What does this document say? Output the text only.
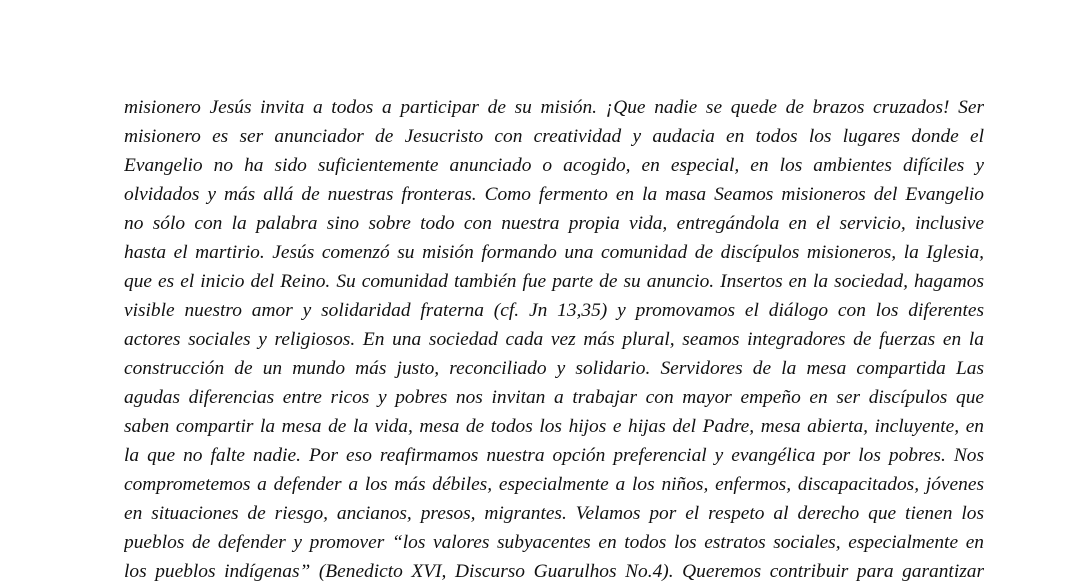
misionero Jesús invita a todos a participar de su misión. ¡Que nadie se quede de brazos cruzados! Ser
misionero es ser anunciador de Jesucristo con creatividad y audacia en todos los lugares donde el
Evangelio no ha sido suficientemente anunciado o acogido, en especial, en los ambientes difíciles y
olvidados y más allá de nuestras fronteras. Como fermento en la masa Seamos misioneros del Evangelio
no sólo con la palabra sino sobre todo con nuestra propia vida, entregándola en el servicio, inclusive
hasta el martirio. Jesús comenzó su misión formando una comunidad de discípulos misioneros, la Iglesia,
que es el inicio del Reino. Su comunidad también fue parte de su anuncio. Insertos en la sociedad, hagamos
visible nuestro amor y solidaridad fraterna (cf. Jn 13,35) y promovamos el diálogo con los diferentes
actores sociales y religiosos. En una sociedad cada vez más plural, seamos integradores de fuerzas en la
construcción de un mundo más justo, reconciliado y solidario. Servidores de la mesa compartida Las
agudas diferencias entre ricos y pobres nos invitan a trabajar con mayor empeño en ser discípulos que
saben compartir la mesa de la vida, mesa de todos los hijos e hijas del Padre, mesa abierta, incluyente, en
la que no falte nadie. Por eso reafirmamos nuestra opción preferencial y evangélica por los pobres. Nos
comprometemos a defender a los más débiles, especialmente a los niños, enfermos, discapacitados, jóvenes
en situaciones de riesgo, ancianos, presos, migrantes. Velamos por el respeto al derecho que tienen los
pueblos de defender y promover “los valores subyacentes en todos los estratos sociales, especialmente en
los pueblos indígenas” (Benedicto XVI, Discurso Guarulhos No.4). Queremos contribuir para garantizar
